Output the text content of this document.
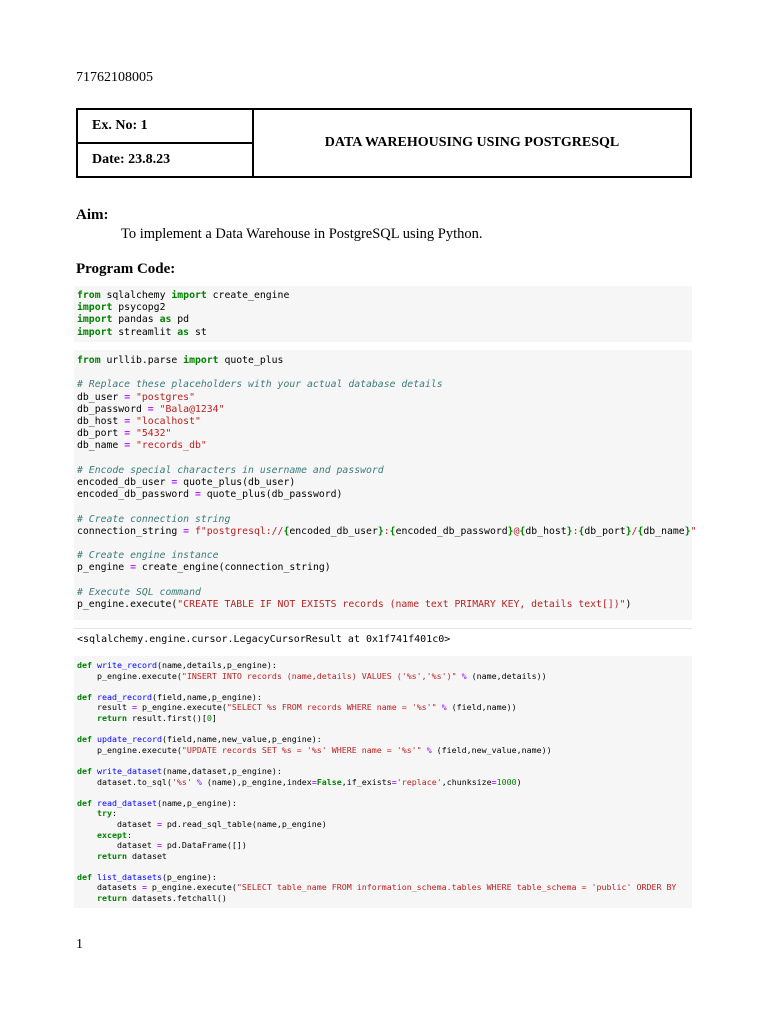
71762108005
Ex. No: 1	DATA WAREHOUSING USING POSTGRESQL
Date: 23.8.23
Aim:
To implement a Data Warehouse in PostgreSQL using Python.
Program Code:
from sqlalchemy import create_engine
import psycopg2
import pandas as pd
import streamlit as st
from urllib.parse import quote_plus

# Replace these placeholders with your actual database details
db_user = "postgres"
db_password = "Bala@1234"
db_host = "localhost"
db_port = "5432"
db_name = "records_db"

# Encode special characters in username and password
encoded_db_user = quote_plus(db_user)
encoded_db_password = quote_plus(db_password)

# Create connection string
connection_string = f"postgresql://{encoded_db_user}:{encoded_db_password}@{db_host}:{db_port}/{db_name}"

# Create engine instance
p_engine = create_engine(connection_string)

# Execute SQL command
p_engine.execute("CREATE TABLE IF NOT EXISTS records (name text PRIMARY KEY, details text[])")
<sqlalchemy.engine.cursor.LegacyCursorResult at 0x1f741f401c0>
def write_record(name,details,p_engine):
p_engine.execute("INSERT INTO records (name,details) VALUES ('%s','%s')" % (name,details))

def read_record(field,name,p_engine):
result = p_engine.execute("SELECT %s FROM records WHERE name = '%s'" % (field,name))
return result.first()[0]

def update_record(field,name,new_value,p_engine):
p_engine.execute("UPDATE records SET %s = '%s' WHERE name = '%s'" % (field,new_value,name))

def write_dataset(name,dataset,p_engine):
dataset.to_sql('%s' % (name),p_engine,index=False,if_exists='replace',chunksize=1000)

def read_dataset(name,p_engine):
try:
dataset = pd.read_sql_table(name,p_engine)
except:
dataset = pd.DataFrame([])
return dataset

def list_datasets(p_engine):
datasets = p_engine.execute("SELECT table_name FROM information_schema.tables WHERE table_schema = 'public' ORDER BY
return datasets.fetchall()
1
